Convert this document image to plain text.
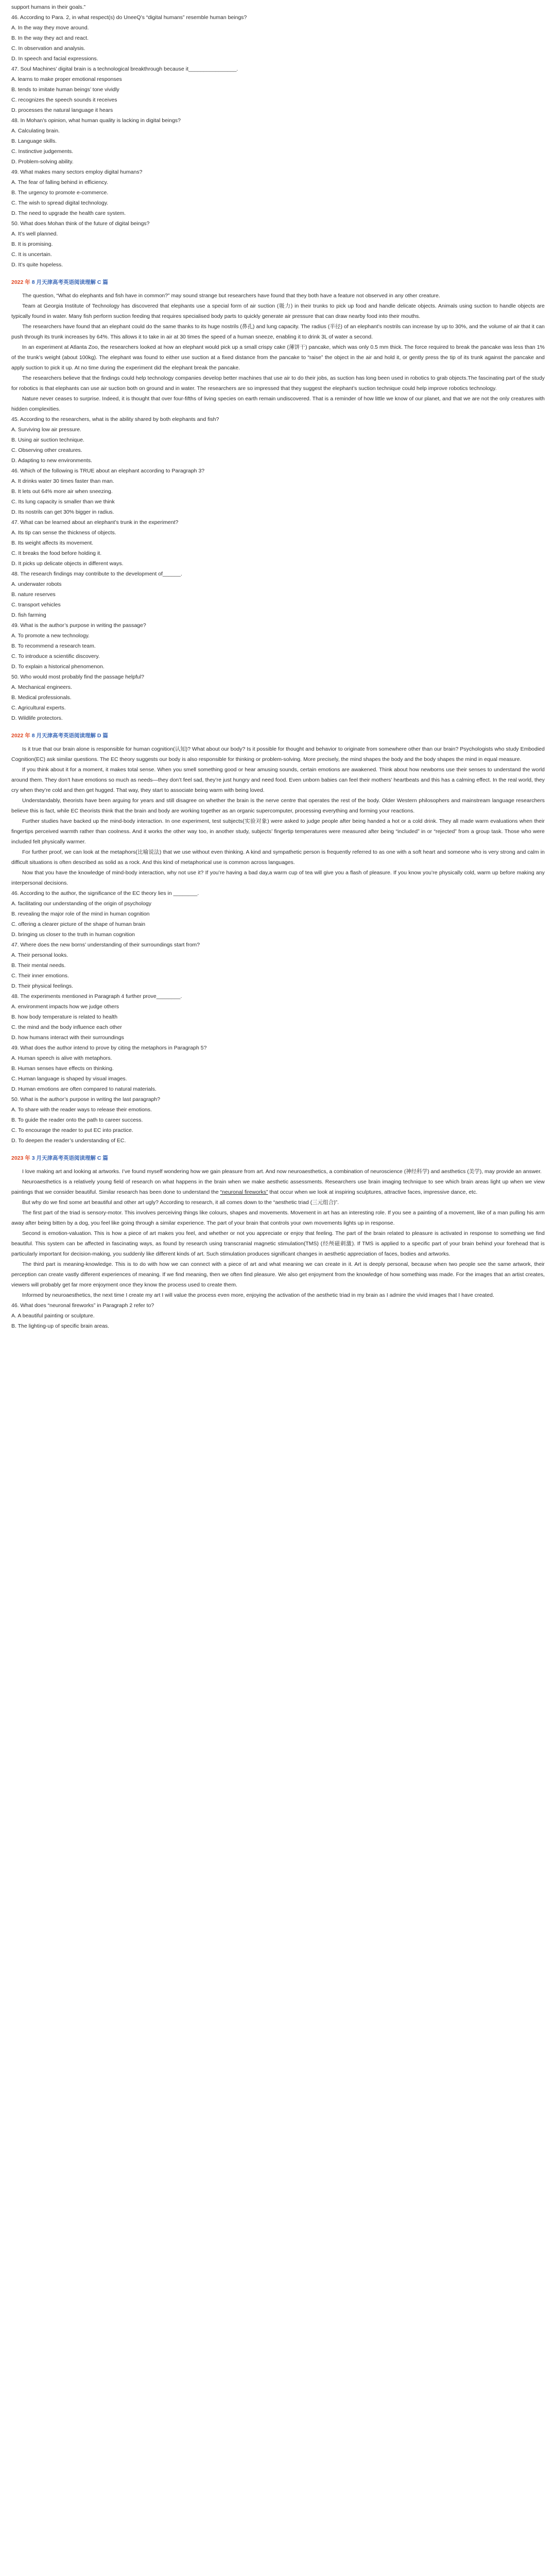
support humans in their goals.”

46. According to Para. 2, in what respect(s) do UneeQ’s “digital humans” resemble human beings?

A. In the way they move around.

B. In the way they act and react.

C. In observation and analysis.

D. In speech and facial expressions.

47. Soul Machines’ digital brain is a technological breakthrough because it________________.

A. learns to make proper emotional responses

B. tends to imitate human beings’ tone vividly

C. recognizes the speech sounds it receives

D. processes the natural language it hears

48. In Mohan’s opinion, what human quality is lacking in digital beings?

A. Calculating brain.

B. Language skills.

C. Instinctive judgements.

D. Problem-solving ability.

49. What makes many sectors employ digital humans?

A. The fear of falling behind in efficiency.

B. The urgency to promote e-commerce.

C. The wish to spread digital technology.

D. The need to upgrade the health care system.

50. What does Mohan think of the future of digital beings?

A. It’s well planned.

B. It is promising.

C. It is uncertain.

D. It’s quite hopeless.

2022 年 8 月天津高考英语阅读理解 C 篇

The question, “What do elephants and fish have in common?” may sound strange but researchers have found that they both have a feature not observed in any other creature.

Team at Georgia Institute of Technology has discovered that elephants use a special form of air suction (吸力) in their trunks to pick up food and handle delicate objects. Animals using suction to handle objects are typically found in water. Many fish perform suction feeding that requires specialised body parts to quickly generate air pressure that can draw nearby food into their mouths.

The researchers have found that an elephant could do the same thanks to its huge nostrils (鼻孔) and lung capacity. The radius (半径) of an elephant’s nostrils can increase by up to 30%, and the volume of air that it can push through its trunk increases by 64%. This allows it to take in air at 30 times the speed of a human sneeze, enabling it to drink 3L of water a second.

In an experiment at Atlanta Zoo, the researchers looked at how an elephant would pick up a small crispy cake (薄饼干) pancake, which was only 0.5 mm thick. The force required to break the pancake was less than 1% of the trunk’s weight (about 100kg). The elephant was found to either use suction at a fixed distance from the pancake to “raise” the object in the air and hold it, or gently press the tip of its trunk against the pancake and apply suction to pick it up. At no time during the experiment did the elephant break the pancake.

The researchers believe that the findings could help technology companies develop better machines that use air to do their jobs, as suction has long been used in robotics to grab objects.The fascinating part of the study for robotics is that elephants can use air suction both on ground and in water. The researchers are so impressed that they suggest the elephant’s suction technique could help improve robotics technology.

Nature never ceases to surprise. Indeed, it is thought that over four-fifths of living species on earth remain undiscovered. That is a reminder of how little we know of our planet, and that we are not the only creatures with hidden complexities.

45. According to the researchers, what is the ability shared by both elephants and fish?

A. Surviving low air pressure.

B. Using air suction technique.

C. Observing other creatures.

D. Adapting to new environments.

46. Which of the following is TRUE about an elephant according to Paragraph 3?

A. It drinks water 30 times faster than man.

B. It lets out 64% more air when sneezing.

C. Its lung capacity is smaller than we think

D. Its nostrils can get 30% bigger in radius.

47. What can be learned about an elephant’s trunk in the experiment?

A. Its tip can sense the thickness of objects.

B. Its weight affects its movement.

C. It breaks the food before holding it.

D. It picks up delicate objects in different ways.

48. The research findings may contribute to the development of______.

A. underwater robots

B. nature reserves

C. transport vehicles

D. fish farming

49. What is the author’s purpose in writing the passage?

A. To promote a new technology.

B. To recommend a research team.

C. To introduce a scientific discovery.

D. To explain a historical phenomenon.

50. Who would most probably find the passage helpful?

A. Mechanical engineers.

B. Medical professionals.

C. Agricultural experts.

D. Wildlife protectors.

2022 年 8 月天津高考英语阅读理解 D 篇

Is it true that our brain alone is responsible for human cognition(认知)? What about our body? Is it possible for thought and behavior to originate from somewhere other than our brain? Psychologists who study Embodied Cognition(EC) ask similar questions. The EC theory suggests our body is also responsible for thinking or problem-solving. More precisely, the mind shapes the body and the body shapes the mind in equal measure.

If you think about it for a moment, it makes total sense. When you smell something good or hear amusing sounds, certain emotions are awakened. Think about how newborns use their senses to understand the world around them. They don’t have emotions so much as needs—they don’t feel sad, they’re just hungry and need food. Even unborn babies can feel their mothers’ heartbeats and this has a calming effect. In the real world, they cry when they’re cold and then get hugged. That way, they start to associate being warm with being loved.

Understandably, theorists have been arguing for years and still disagree on whether the brain is the nerve centre that operates the rest of the body. Older Western philosophers and mainstream language researchers believe this is fact, while EC theorists think that the brain and body are working together as an organic supercomputer, processing everything and forming your reactions.

Further studies have backed up the mind-body interaction. In one experiment, test subjects(实验对象) were asked to judge people after being handed a hot or a cold drink. They all made warm evaluations when their fingertips perceived warmth rather than coolness. And it works the other way too, in another study, subjects’ fingertip temperatures were measured after being “included” in or “rejected” from a group task. Those who were included felt physically warmer.

For further proof, we can look at the metaphors(比喻说法) that we use without even thinking. A kind and sympathetic person is frequently referred to as one with a soft heart and someone who is very strong and calm in difficult situations is often described as solid as a rock. And this kind of metaphorical use is common across languages.

Now that you have the knowledge of mind-body interaction, why not use it? If you’re having a bad day,a warm cup of tea will give you a flash of pleasure. If you know you’re physically cold, warm up before making any interpersonal decisions.

46. According to the author, the significance of the EC theory lies in ________.

A. facilitating our understanding of the origin of psychology

B. revealing the major role of the mind in human cognition

C. offering a clearer picture of the shape of human brain

D. bringing us closer to the truth in human cognition

47. Where does the new borns’ understanding of their surroundings start from?

A. Their personal looks.

B. Their mental needs.

C. Their inner emotions.

D. Their physical feelings.

48. The experiments mentioned in Paragraph 4 further prove________.

A. environment impacts how we judge others

B. how body temperature is related to health

C. the mind and the body influence each other

D. how humans interact with their surroundings

49. What does the author intend to prove by citing the metaphors in Paragraph 5?

A. Human speech is alive with metaphors.

B. Human senses have effects on thinking.

C. Human language is shaped by visual images.

D. Human emotions are often compared to natural materials.

50. What is the author’s purpose in writing the last paragraph?

A. To share with the reader ways to release their emotions.

B. To guide the reader onto the path to career success.

C. To encourage the reader to put EC into practice.

D. To deepen the reader’s understanding of EC.

2023 年 3 月天津高考英语阅读理解 C 篇

I love making art and looking at artworks. I’ve found myself wondering how we gain pleasure from art. And now neuroaesthetics, a combination of neuroscience (神经科学) and aesthetics (美学), may provide an answer.

Neuroaesthetics is a relatively young field of research on what happens in the brain when we make aesthetic assessments. Researchers use brain imaging technique to see which brain areas light up when we view paintings that we consider beautiful. Similar research has been done to understand the “neuronal fireworks” that occur when we look at inspiring sculptures, attractive faces, impressive dance, etc.

But why do we find some art beautiful and other art ugly? According to research, it all comes down to the “aesthetic triad (三元组合)”.

The first part of the triad is sensory-motor. This involves perceiving things like colours, shapes and movements. Movement in art has an interesting role. If you see a painting of a movement, like of a man pulling his arm away after being bitten by a dog, you feel like going through a similar experience. The part of your brain that controls your own movements lights up in response.

Second is emotion-valuation. This is how a piece of art makes you feel, and whether or not you appreciate or enjoy that feeling. The part of the brain related to pleasure is activated in response to something we find beautiful. This system can be affected in fascinating ways, as found by research using transcranial magnetic stimulation(TMS) (经颅磁刺激). If TMS is applied to a specific part of your brain behind your forehead that is particularly important for decision-making, you suddenly like different kinds of art. Such stimulation produces significant changes in aesthetic appreciation of faces, bodies and artworks.

The third part is meaning-knowledge. This is to do with how we can connect with a piece of art and what meaning we can create in it. Art is deeply personal, because when two people see the same artwork, their perception can create vastly different experiences of meaning. If we find meaning, then we often find pleasure. We also get enjoyment from the knowledge of how something was made. For the images that an artist creates, viewers will probably get far more enjoyment once they know the process used to create them.

Informed by neuroaesthetics, the next time I create my art I will value the process even more, enjoying the activation of the aesthetic triad in my brain as I admire the vivid images that I have created.

46. What does “neuronal fireworks” in Paragraph 2 refer to?

A. A beautiful painting or sculpture.

B. The lighting-up of specific brain areas.
